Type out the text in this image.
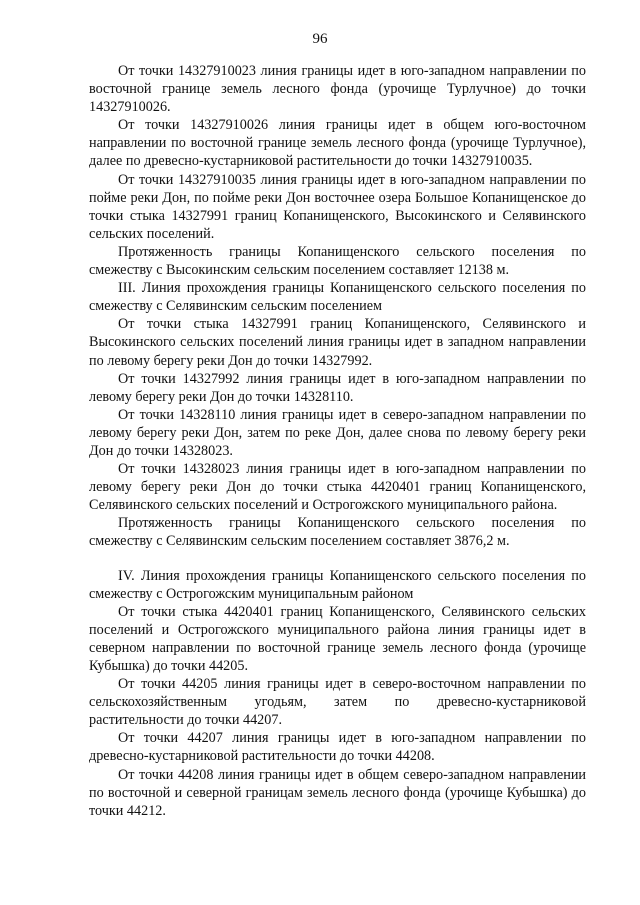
96

От точки 14327910023 линия границы идет в юго-западном направлении по восточной границе земель лесного фонда (урочище Турлучное) до точки 14327910026.

От точки 14327910026 линия границы идет в общем юго-восточном направлении по восточной границе земель лесного фонда (урочище Турлучное), далее по древесно-кустарниковой растительности до точки 14327910035.

От точки 14327910035 линия границы идет в юго-западном направлении по пойме реки Дон, по пойме реки Дон восточнее озера Большое Копанищенское до точки стыка 14327991 границ Копанищенского, Высокинского и Селявинского сельских поселений.

Протяженность границы Копанищенского сельского поселения по смежеству с Высокинским сельским поселением составляет 12138 м.

III. Линия прохождения границы Копанищенского сельского поселения по смежеству с Селявинским сельским поселением

От точки стыка 14327991 границ Копанищенского, Селявинского и Высокинского сельских поселений линия границы идет в западном направлении по левому берегу реки Дон до точки 14327992.

От точки 14327992 линия границы идет в юго-западном направлении по левому берегу реки Дон до точки 14328110.

От точки 14328110 линия границы идет в северо-западном направлении по левому берегу реки Дон, затем по реке Дон, далее снова по левому берегу реки Дон до точки 14328023.

От точки 14328023 линия границы идет в юго-западном направлении по левому берегу реки Дон до точки стыка 4420401 границ Копанищенского, Селявинского сельских поселений и Острогожского муниципального района.

Протяженность границы Копанищенского сельского поселения по смежеству с Селявинским сельским поселением составляет 3876,2 м.

IV. Линия прохождения границы Копанищенского сельского поселения по смежеству с Острогожским муниципальным районом

От точки стыка 4420401 границ Копанищенского, Селявинского сельских поселений и Острогожского муниципального района линия границы идет в северном направлении по восточной границе земель лесного фонда (урочище Кубышка) до точки 44205.

От точки 44205 линия границы идет в северо-восточном направлении по сельскохозяйственным угодьям, затем по древесно-кустарниковой растительности до точки 44207.

От точки 44207 линия границы идет в юго-западном направлении по древесно-кустарниковой растительности до точки 44208.

От точки 44208 линия границы идет в общем северо-западном направлении по восточной и северной границам земель лесного фонда (урочище Кубышка) до точки 44212.
